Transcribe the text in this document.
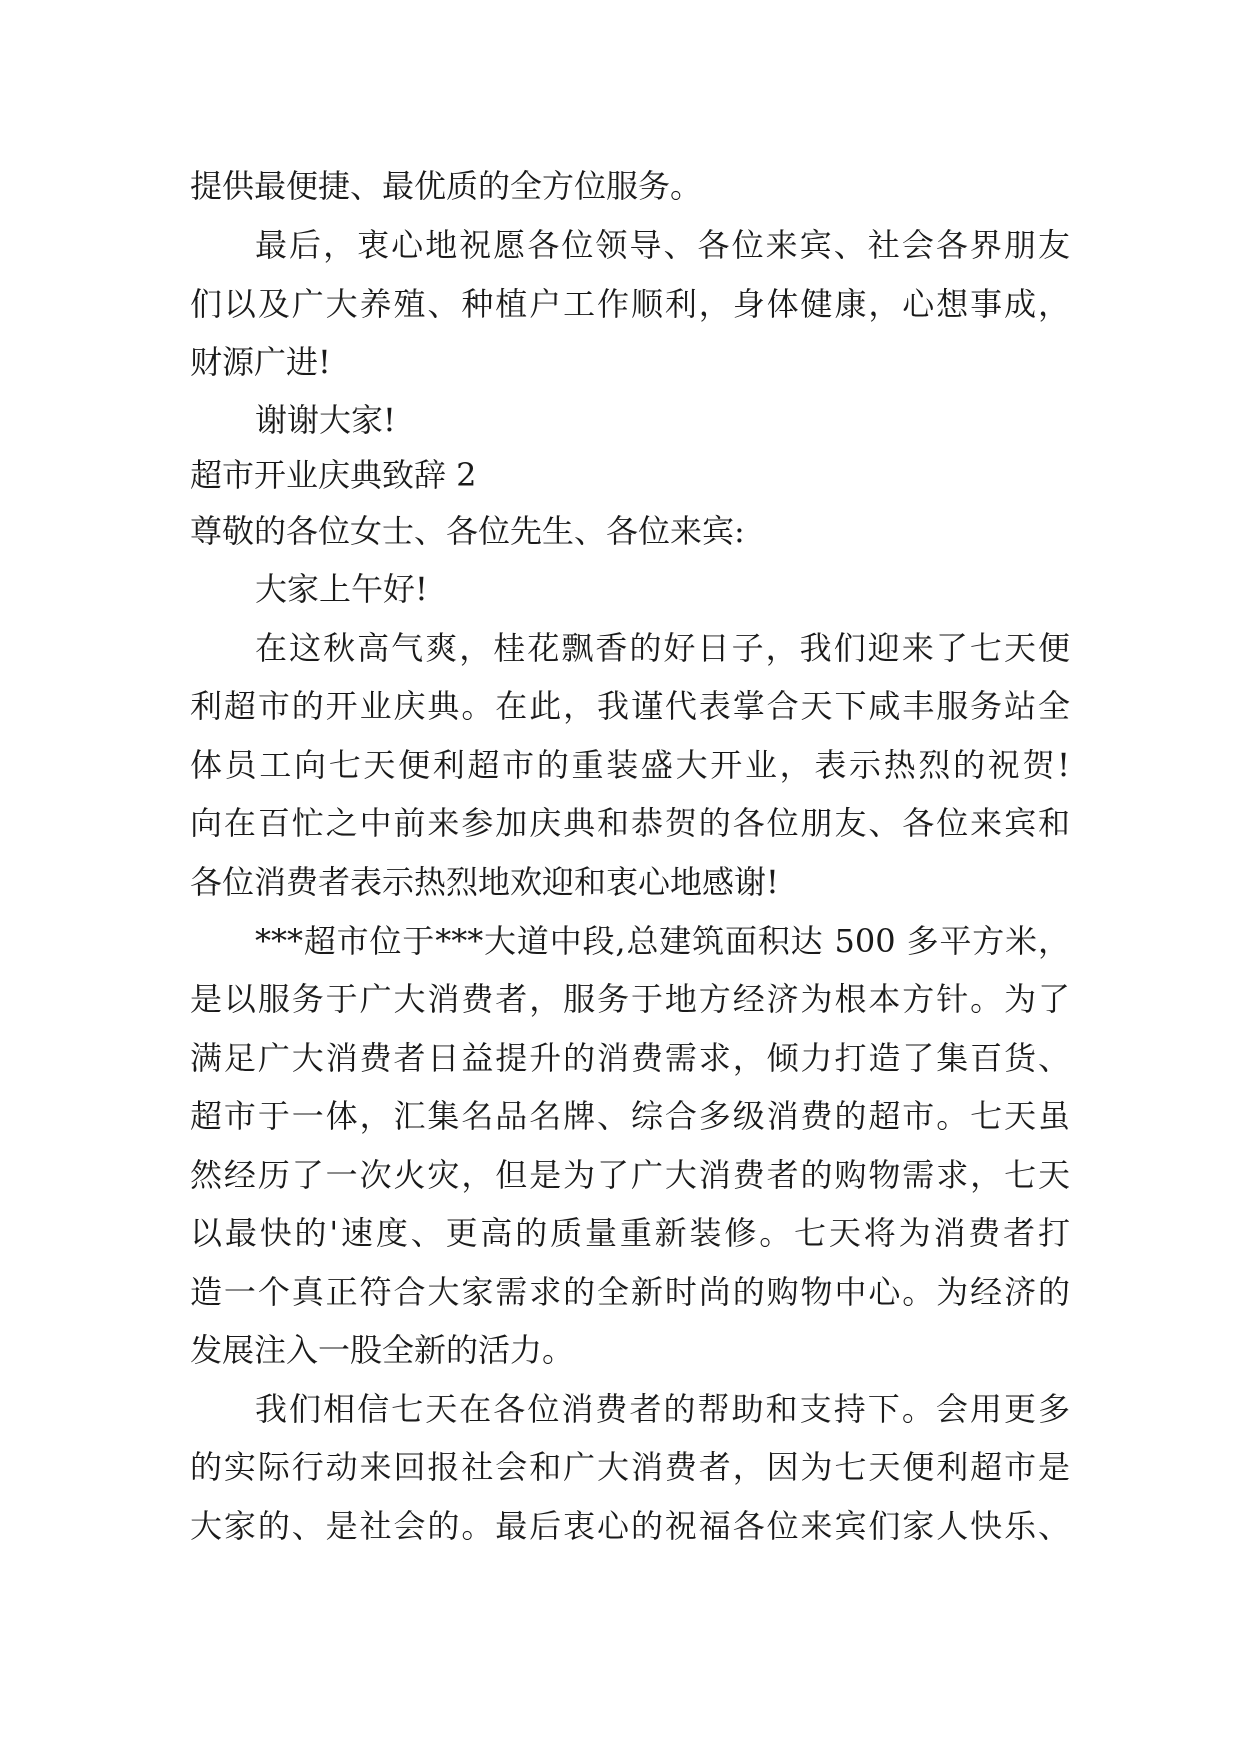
提供最便捷、最优质的全方位服务。
最后，衷心地祝愿各位领导、各位来宾、社会各界朋友
们以及广大养殖、种植户工作顺利，身体健康，心想事成，
财源广进!
谢谢大家!
超市开业庆典致辞 2
尊敬的各位女士、各位先生、各位来宾:
大家上午好!
在这秋高气爽，桂花飘香的好日子，我们迎来了七天便
利超市的开业庆典。在此，我谨代表掌合天下咸丰服务站全
体员工向七天便利超市的重装盛大开业，表示热烈的祝贺!
向在百忙之中前来参加庆典和恭贺的各位朋友、各位来宾和
各位消费者表示热烈地欢迎和衷心地感谢!
***超市位于***大道中段,总建筑面积达 500 多平方米，
是以服务于广大消费者，服务于地方经济为根本方针。为了
满足广大消费者日益提升的消费需求，倾力打造了集百货、
超市于一体，汇集名品名牌、综合多级消费的超市。七天虽
然经历了一次火灾，但是为了广大消费者的购物需求，七天
以最快的'速度、更高的质量重新装修。七天将为消费者打
造一个真正符合大家需求的全新时尚的购物中心。为经济的
发展注入一股全新的活力。
我们相信七天在各位消费者的帮助和支持下。会用更多
的实际行动来回报社会和广大消费者，因为七天便利超市是
大家的、是社会的。最后衷心的祝福各位来宾们家人快乐、
